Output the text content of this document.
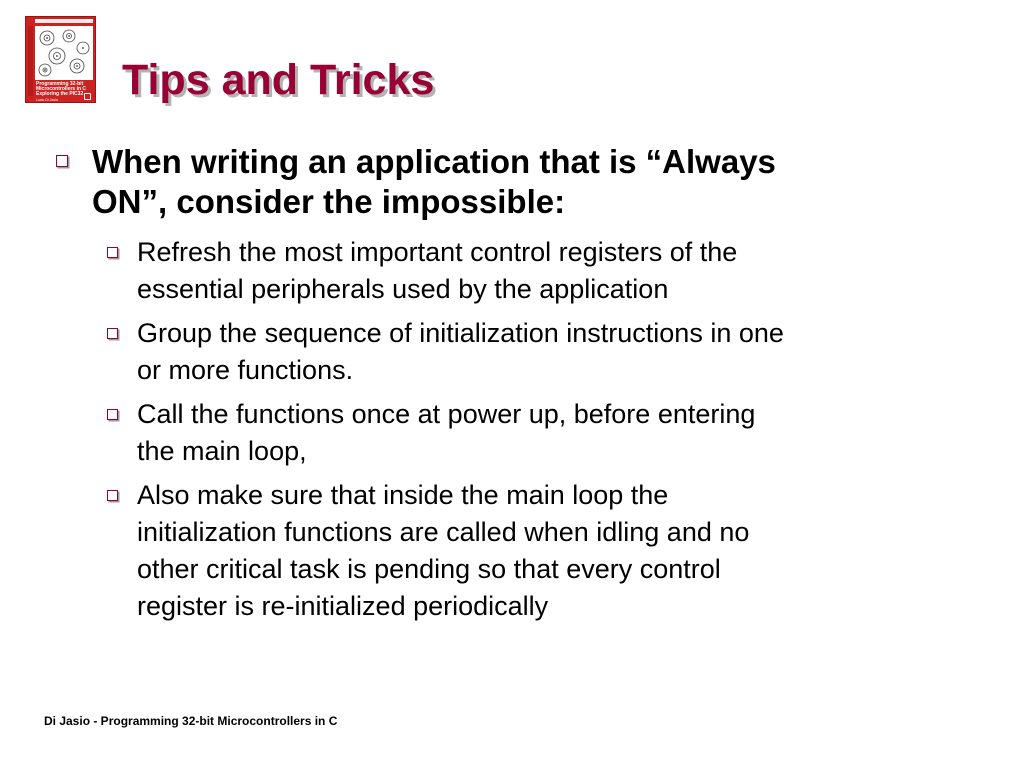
Programming 32-bit
Microcontrollers in C
Exploring the PIC32
Lucio Di Jasio Tips and Tricks
When writing an application that is “Always
ON”, consider the impossible:
Refresh the most important control registers of the
essential peripherals used by the application
Group the sequence of initialization instructions in one
or more functions.
Call the functions once at power up, before entering
the main loop,
Also make sure that inside the main loop the
initialization functions are called when idling and no
other critical task is pending so that every control
register is re-initialized periodically
Di Jasio - Programming 32-bit Microcontrollers in C
